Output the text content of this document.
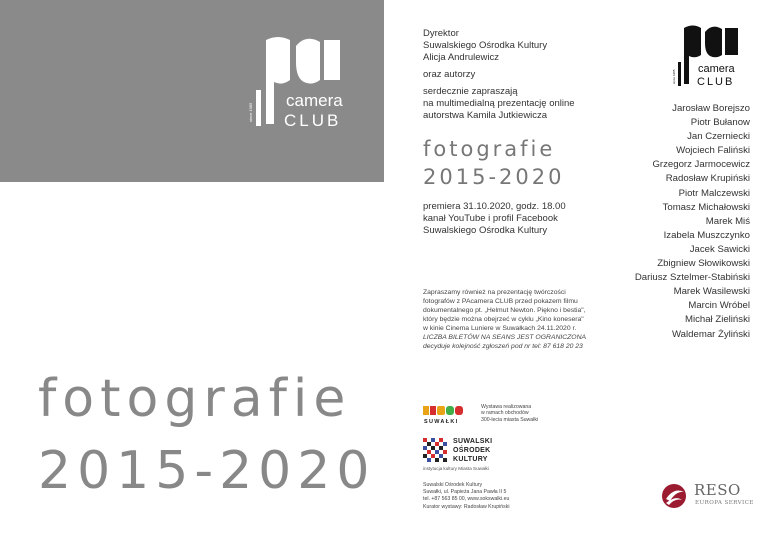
since 1985
camera
CLUB
fotografie
2015-2020
Dyrektor
Suwalskiego Ośrodka Kultury
Alicja Andrulewicz
oraz autorzy
serdecznie zapraszają
na multimedialną prezentację online
autorstwa Kamila Jutkiewicza
fotografie
2015-2020
premiera 31.10.2020, godz. 18.00
kanał YouTube i profil Facebook
Suwalskiego Ośrodka Kultury
Zapraszamy również na prezentację twórczości
fotografów z PAcamera CLUB przed pokazem filmu
dokumentalnego pt. „Helmut Newton. Piękno i bestia",
który będzie można obejrzeć w cyklu „Kino konesera"
w kinie Cinema Luniere w Suwałkach 24.11.2020 r.
LICZBA BILETÓW NA SEANS JEST OGRANICZONA
decyduje kolejność zgłoszeń pod nr tel: 87 618 20 23
since 1985
camera
CLUB
Jarosław Borejszo
Piotr Bułanow
Jan Czerniecki
Wojciech Faliński
Grzegorz Jarmocewicz
Radosław Krupiński
Piotr Malczewski
Tomasz Michałowski
Marek Miś
Izabela Muszczynko
Jacek Sawicki
Zbigniew Słowikowski
Dariusz Sztelmer-Stabiński
Marek Wasilewski
Marcin Wróbel
Michał Zieliński
Waldemar Żyliński
SUWAŁKI
Wystawa realizowana
w ramach obchodów
300-lecia miasta Suwałki
SUWALSKI
OŚRODEK
KULTURY
instytucja kultury Miasta Suwałki
Suwalski Ośrodek Kultury
Suwałki, ul. Papieża Jana Pawła II 5
tel. +87 563 85 00, www.sokswalki.eu
Kurator wystawy: Radosław Krupiński
RESO
EUROPA SERVICE
